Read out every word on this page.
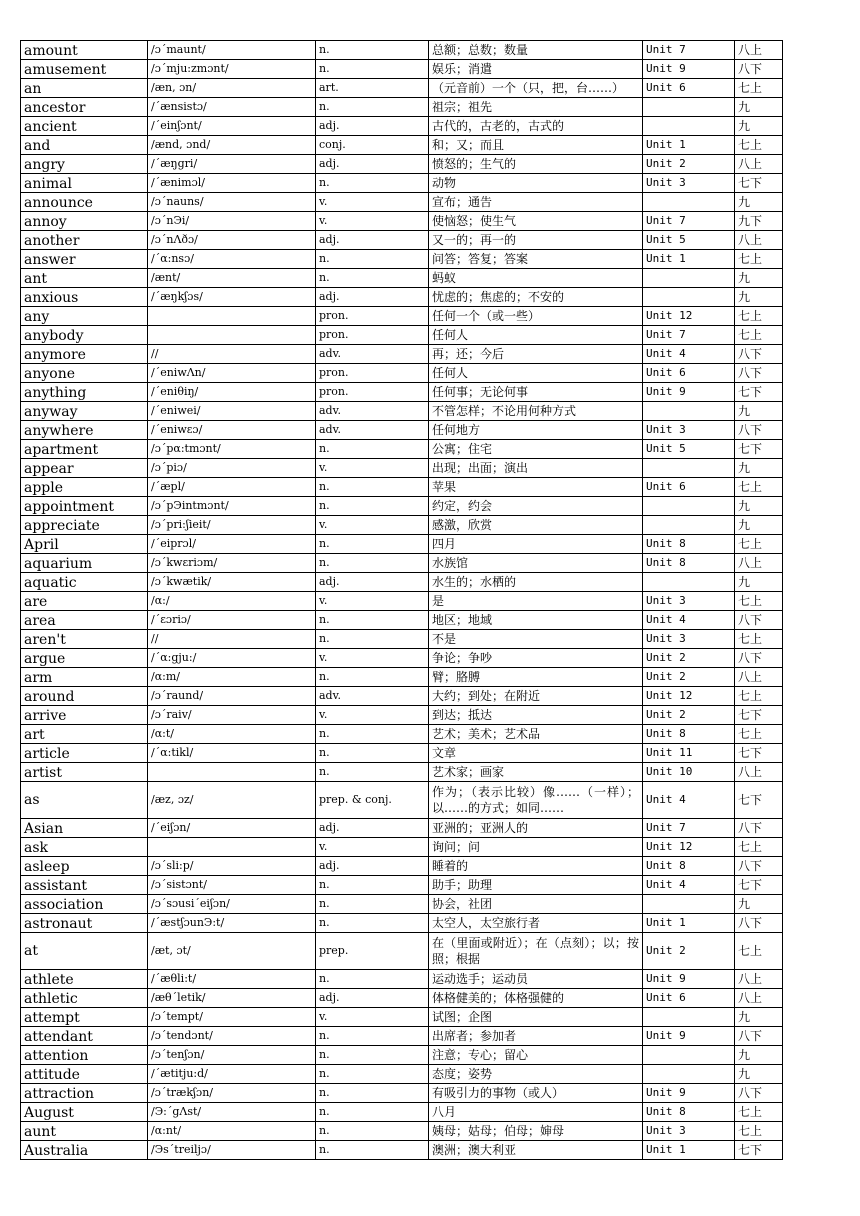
amount	/ɔˊmaunt/	n.	总额；总数；数量	Unit 7	八上
amusement	/ɔˊmju:zmɔnt/	n.	娱乐；消遣	Unit 9	八下
an	/æn, ɔn/	art.	（元音前）一个（只，把，台……）	Unit 6	七上
ancestor	/ˊænsistɔ/	n.	祖宗；祖先		九
ancient	/ˊeinʃɔnt/	adj.	古代的，古老的，古式的		九
and	/ænd, ɔnd/	conj.	和；又；而且	Unit 1	七上
angry	/ˊæŋgri/	adj.	愤怒的；生气的	Unit 2	八上
animal	/ˊænimɔl/	n.	动物	Unit 3	七下
announce	/ɔˊnauns/	v.	宣布；通告		九
annoy	/ɔˊnЭi/	v.	使恼怒；使生气	Unit 7	九下
another	/ɔˊnΛðɔ/	adj.	又一的；再一的	Unit 5	八上
answer	/ˊα:nsɔ/	n.	问答；答复；答案	Unit 1	七上
ant	/ænt/	n.	蚂蚁		九
anxious	/ˊæŋkʃɔs/	adj.	忧虑的；焦虑的；不安的		九
any		pron.	任何一个（或一些）	Unit 12	七上
anybody		pron.	任何人	Unit 7	七上
anymore	//	adv.	再；还；今后	Unit 4	八下
anyone	/ˊeniwΛn/	pron.	任何人	Unit 6	八下
anything	/ˊeniθiŋ/	pron.	任何事；无论何事	Unit 9	七下
anyway	/ˊeniwei/	adv.	不管怎样；不论用何种方式		九
anywhere	/ˊeniwεɔ/	adv.	任何地方	Unit 3	八下
apartment	/ɔˊpα:tmɔnt/	n.	公寓；住宅	Unit 5	七下
appear	/ɔˊpiɔ/	v.	出现；出面；演出		九
apple	/ˊæpl/	n.	苹果	Unit 6	七上
appointment	/ɔˊpЭintmɔnt/	n.	约定，约会		九
appreciate	/ɔˊpri:ʃieit/	v.	感激，欣赏		九
April	/ˊeiprɔl/	n.	四月	Unit 8	七上
aquarium	/ɔˊkwεriɔm/	n.	水族馆	Unit 8	八上
aquatic	/ɔˊkwætik/	adj.	水生的；水栖的		九
are	/α:/	v.	是	Unit 3	七上
area	/ˊεɔriɔ/	n.	地区；地域	Unit 4	八下
aren't	//	n.	不是	Unit 3	七上
argue	/ˊα:gju:/	v.	争论；争吵	Unit 2	八下
arm	/α:m/	n.	臂；胳膊	Unit 2	八上
around	/ɔˊraund/	adv.	大约；到处；在附近	Unit 12	七上
arrive	/ɔˊraiv/	v.	到达；抵达	Unit 2	七下
art	/α:t/	n.	艺术；美术；艺术品	Unit 8	七上
article	/ˊα:tikl/	n.	文章	Unit 11	七下
artist		n.	艺术家；画家	Unit 10	八上
as	/æz, ɔz/	prep. & conj.	作为；（表示比较）像……（一样）；以……的方式；如同……	Unit 4	七下
Asian	/ˊeiʃɔn/	adj.	亚洲的；亚洲人的	Unit 7	八下
ask		v.	询问；问	Unit 12	七上
asleep	/ɔˊsli:p/	adj.	睡着的	Unit 8	八下
assistant	/ɔˊsistɔnt/	n.	助手；助理	Unit 4	七下
association	/ɔˊsɔusiˊeiʃɔn/	n.	协会，社团		九
astronaut	/ˊæstʃɔunЭ:t/	n.	太空人，太空旅行者	Unit 1	八下
at	/æt, ɔt/	prep.	在（里面或附近）；在（点刻）；以；按照；根据	Unit 2	七上
athlete	/ˊæθli:t/	n.	运动选手；运动员	Unit 9	八上
athletic	/æθˊletik/	adj.	体格健美的；体格强健的	Unit 6	八上
attempt	/ɔˊtempt/	v.	试图；企图		九
attendant	/ɔˊtendɔnt/	n.	出席者；参加者	Unit 9	八下
attention	/ɔˊtenʃɔn/	n.	注意；专心；留心		九
attitude	/ˊætitju:d/	n.	态度；姿势		九
attraction	/ɔˊtrækʃɔn/	n.	有吸引力的事物（或人）	Unit 9	八下
August	/Э:ˊgΛst/	n.	八月	Unit 8	七上
aunt	/α:nt/	n.	姨母；姑母；伯母；婶母	Unit 3	七上
Australia	/Эsˊtreiljɔ/	n.	澳洲；澳大利亚	Unit 1	七下
